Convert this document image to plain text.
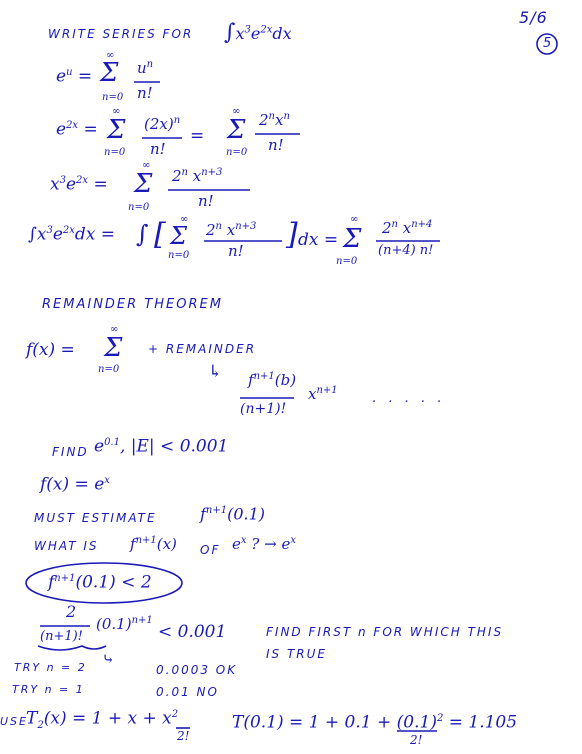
5/6
5
WRITE SERIES FOR $\int x^3e^{2x}dx$
$e^u = \Sigma$ $u^n$
n!
$e^{2x} = \Sigma$ $(2x)^n$
n!
= Σ $2^nx^n$
n!
$x^3e^{2x} = \Sigma$ 2$^n$ $x^{n+3}$
n!
$\int x^3e^{2x}dx$ = ∫ [ Σ 2$^n$ $x^{n+3}$
n! ] dx = Σ 2$^n$ $x^{n+4}$
(n+4) n!
REMAINDER THEOREM
f(x) = Σ + REMAINDER
↳ $f^{n+1}(b)$
(n+1)!
$x^{n+1}$
. . . . .
FIND $e^{0.1}$, |E| < 0.001
$f(x) = e^x$
MUST ESTIMATE	$f^{n+1}(0.1)$
WHAT IS $f^{n+1}(x)$ OF $e^x$ ? → $e^x$
$f^{n+1}(0.1) < 2$
2
(n+1)!
$(0.1)^{n+1}$
< 0.001	FIND FIRST n FOR WHICH THIS
IS TRUE
TRY n = 2 ⤷
0.0003 OK
TRY n = 1	0.01 NO
USE
$T_2(x) = 1 + x + x^2$
2!
$T(0.1) = 1 + 0.1 + (0.1)^2 = 1.105$
2!
∞
n=0
∞
n=0
∞
n=0
∞
n=0
∞
n=0
∞
n=0
∞
n=0
